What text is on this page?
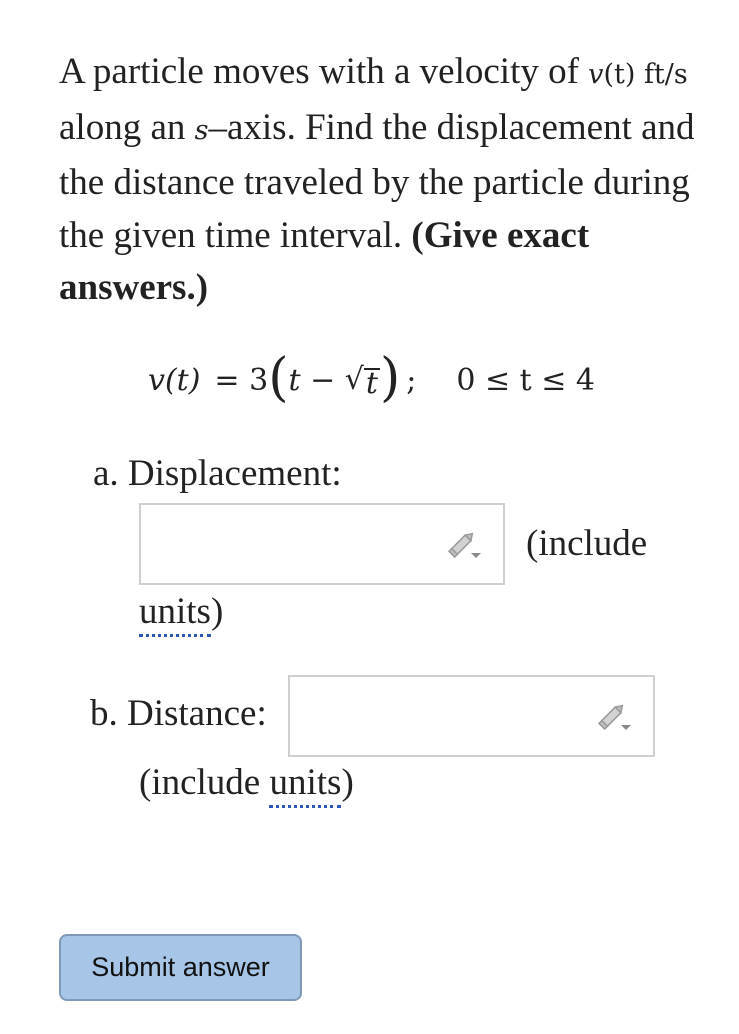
A particle moves with a velocity of v(t) ft/s along an s–axis. Find the displacement and the distance traveled by the particle during the given time interval. (Give exact answers.)
v(t) = 3 ( t − √ t ) ; 0 ≤ t ≤ 4
a. Displacement:
(include
units)
b. Distance:
(include units)
Submit answer
